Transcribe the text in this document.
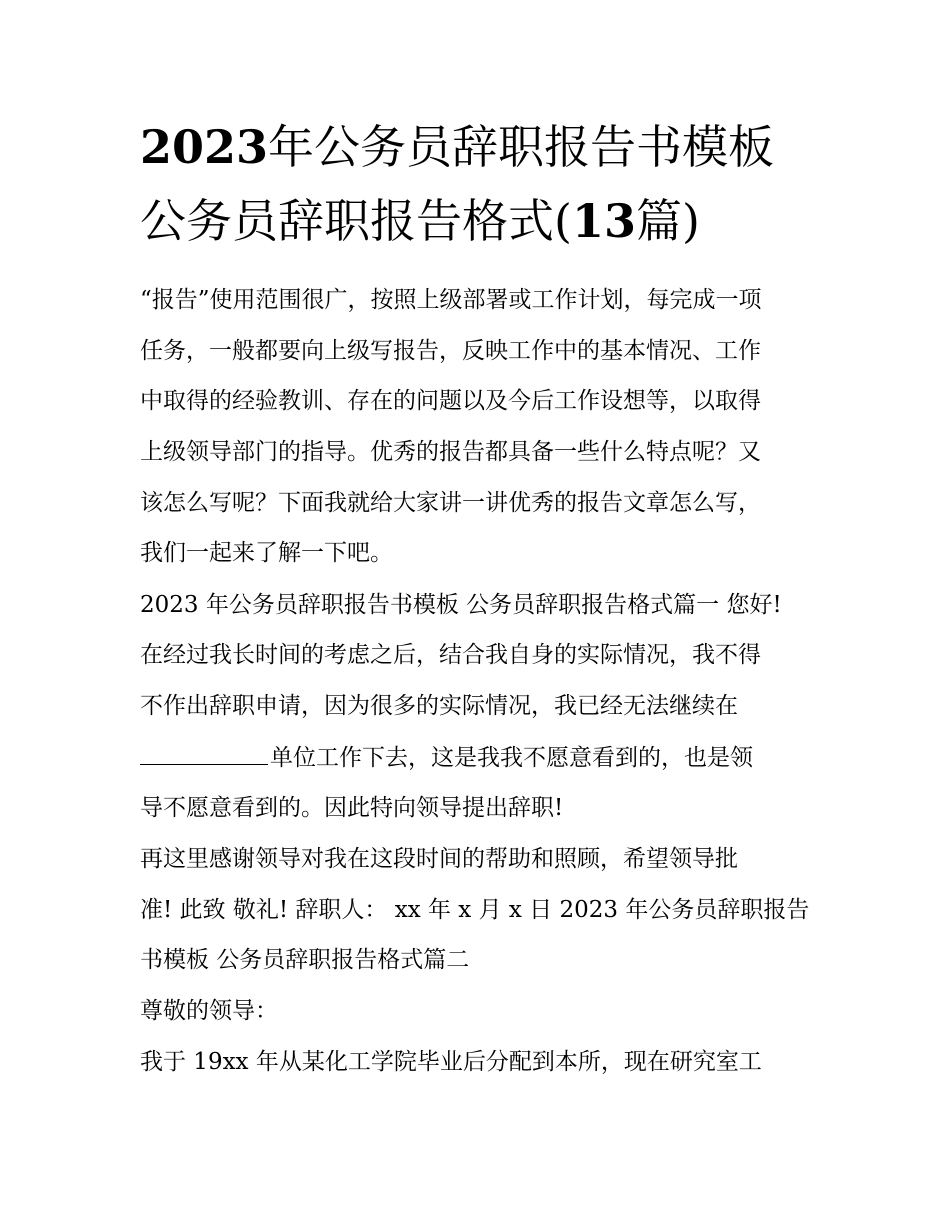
2023年公务员辞职报告书模板
公务员辞职报告格式(13篇)

“报告”使用范围很广，按照上级部署或工作计划，每完成一项

任务，一般都要向上级写报告，反映工作中的基本情况、工作

中取得的经验教训、存在的问题以及今后工作设想等，以取得

上级领导部门的指导。优秀的报告都具备一些什么特点呢？又

该怎么写呢？下面我就给大家讲一讲优秀的报告文章怎么写，

我们一起来了解一下吧。

2023 年公务员辞职报告书模板 公务员辞职报告格式篇一 您好!

在经过我长时间的考虑之后，结合我自身的实际情况，我不得

不作出辞职申请，因为很多的实际情况，我已经无法继续在

单位工作下去，这是我我不愿意看到的，也是领

导不愿意看到的。因此特向领导提出辞职!

再这里感谢领导对我在这段时间的帮助和照顾，希望领导批

准! 此致 敬礼! 辞职人： xx 年 x 月 x 日 2023 年公务员辞职报告

书模板 公务员辞职报告格式篇二

尊敬的领导：

我于 19xx 年从某化工学院毕业后分配到本所，现在研究室工
